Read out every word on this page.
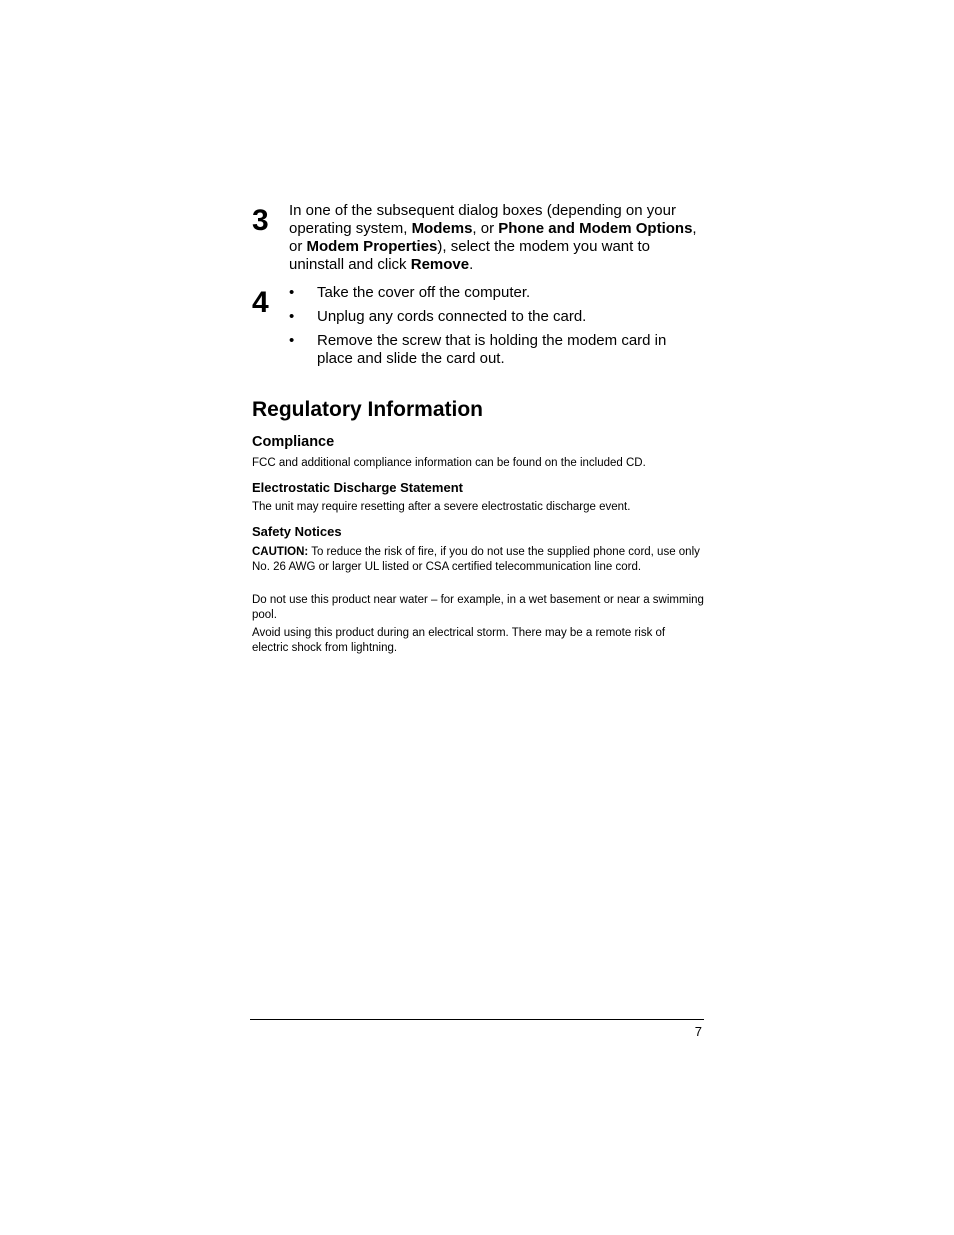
3 In one of the subsequent dialog boxes (depending on your operating system, Modems, or Phone and Modem Options, or Modem Properties), select the modem you want to uninstall and click Remove.
4 • Take the cover off the computer.
• Unplug any cords connected to the card.
• Remove the screw that is holding the modem card in place and slide the card out.
Regulatory Information
Compliance
FCC and additional compliance information can be found on the included CD.
Electrostatic Discharge Statement
The unit may require resetting after a severe electrostatic discharge event.
Safety Notices
CAUTION: To reduce the risk of fire, if you do not use the supplied phone cord, use only No. 26 AWG or larger UL listed or CSA certified telecommunication line cord.
Do not use this product near water – for example, in a wet basement or near a swimming pool.
Avoid using this product during an electrical storm. There may be a remote risk of electric shock from lightning.
7
